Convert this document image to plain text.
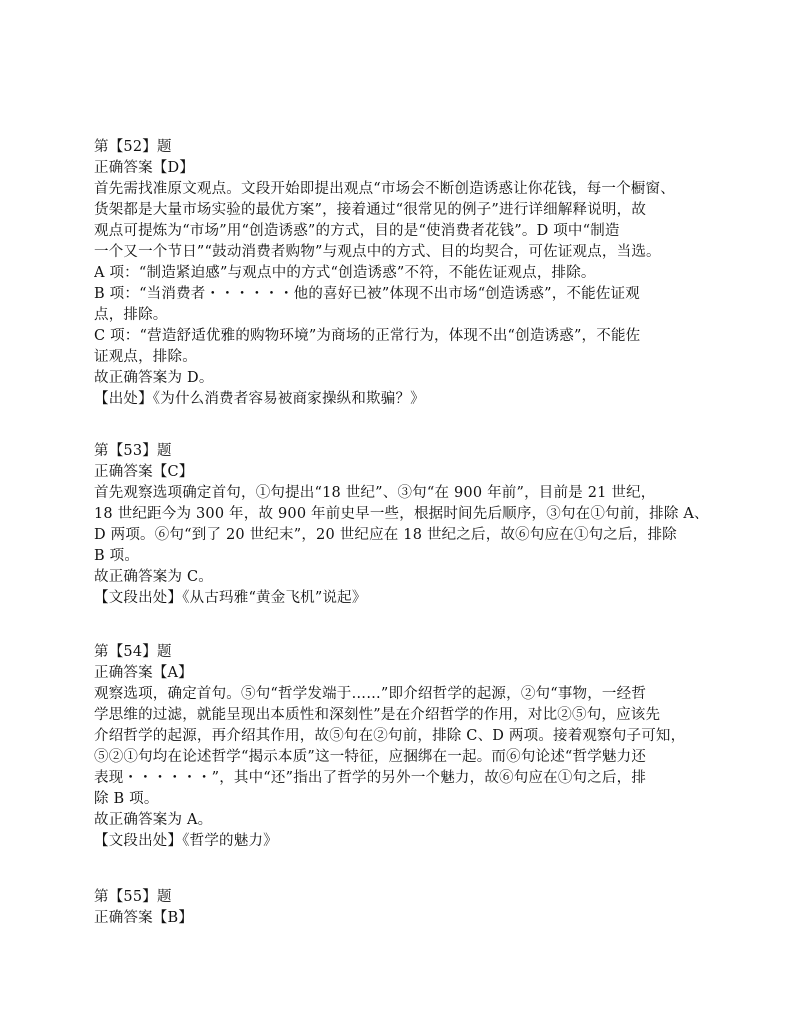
第【52】题
正确答案【D】
首先需找准原文观点。文段开始即提出观点“市场会不断创造诱惑让你花钱，每一个橱窗、
货架都是大量市场实验的最优方案”，接着通过“很常见的例子”进行详细解释说明，故
观点可提炼为“市场”用“创造诱惑”的方式，目的是“使消费者花钱”。D 项中“制造
一个又一个节日”“鼓动消费者购物”与观点中的方式、目的均契合，可佐证观点，当选。
A 项：“制造紧迫感”与观点中的方式“创造诱惑”不符，不能佐证观点，排除。
B 项：“当消费者・・・・・・他的喜好已被”体现不出市场“创造诱惑”，不能佐证观
点，排除。
C 项：“营造舒适优雅的购物环境”为商场的正常行为，体现不出“创造诱惑”，不能佐
证观点，排除。
故正确答案为 D。
【出处】《为什么消费者容易被商家操纵和欺骗？》
第【53】题
正确答案【C】
首先观察选项确定首句，①句提出“18 世纪”、③句“在 900 年前”，目前是 21 世纪，
18 世纪距今为 300 年，故 900 年前史早一些，根据时间先后顺序，③句在①句前，排除 A、
D 两项。⑥句“到了 20 世纪末”，20 世纪应在 18 世纪之后，故⑥句应在①句之后，排除
B 项。
故正确答案为 C。
【文段出处】《从古玛雅“黄金飞机”说起》
第【54】题
正确答案【A】
观察选项，确定首句。⑤句“哲学发端于……”即介绍哲学的起源，②句“事物，一经哲
学思维的过滤，就能呈现出本质性和深刻性”是在介绍哲学的作用，对比②⑤句，应该先
介绍哲学的起源，再介绍其作用，故⑤句在②句前，排除 C、D 两项。接着观察句子可知，
⑤②①句均在论述哲学“揭示本质”这一特征，应捆绑在一起。而⑥句论述“哲学魅力还
表现・・・・・・”，其中“还”指出了哲学的另外一个魅力，故⑥句应在①句之后，排
除 B 项。
故正确答案为 A。
【文段出处】《哲学的魅力》
第【55】题
正确答案【B】
